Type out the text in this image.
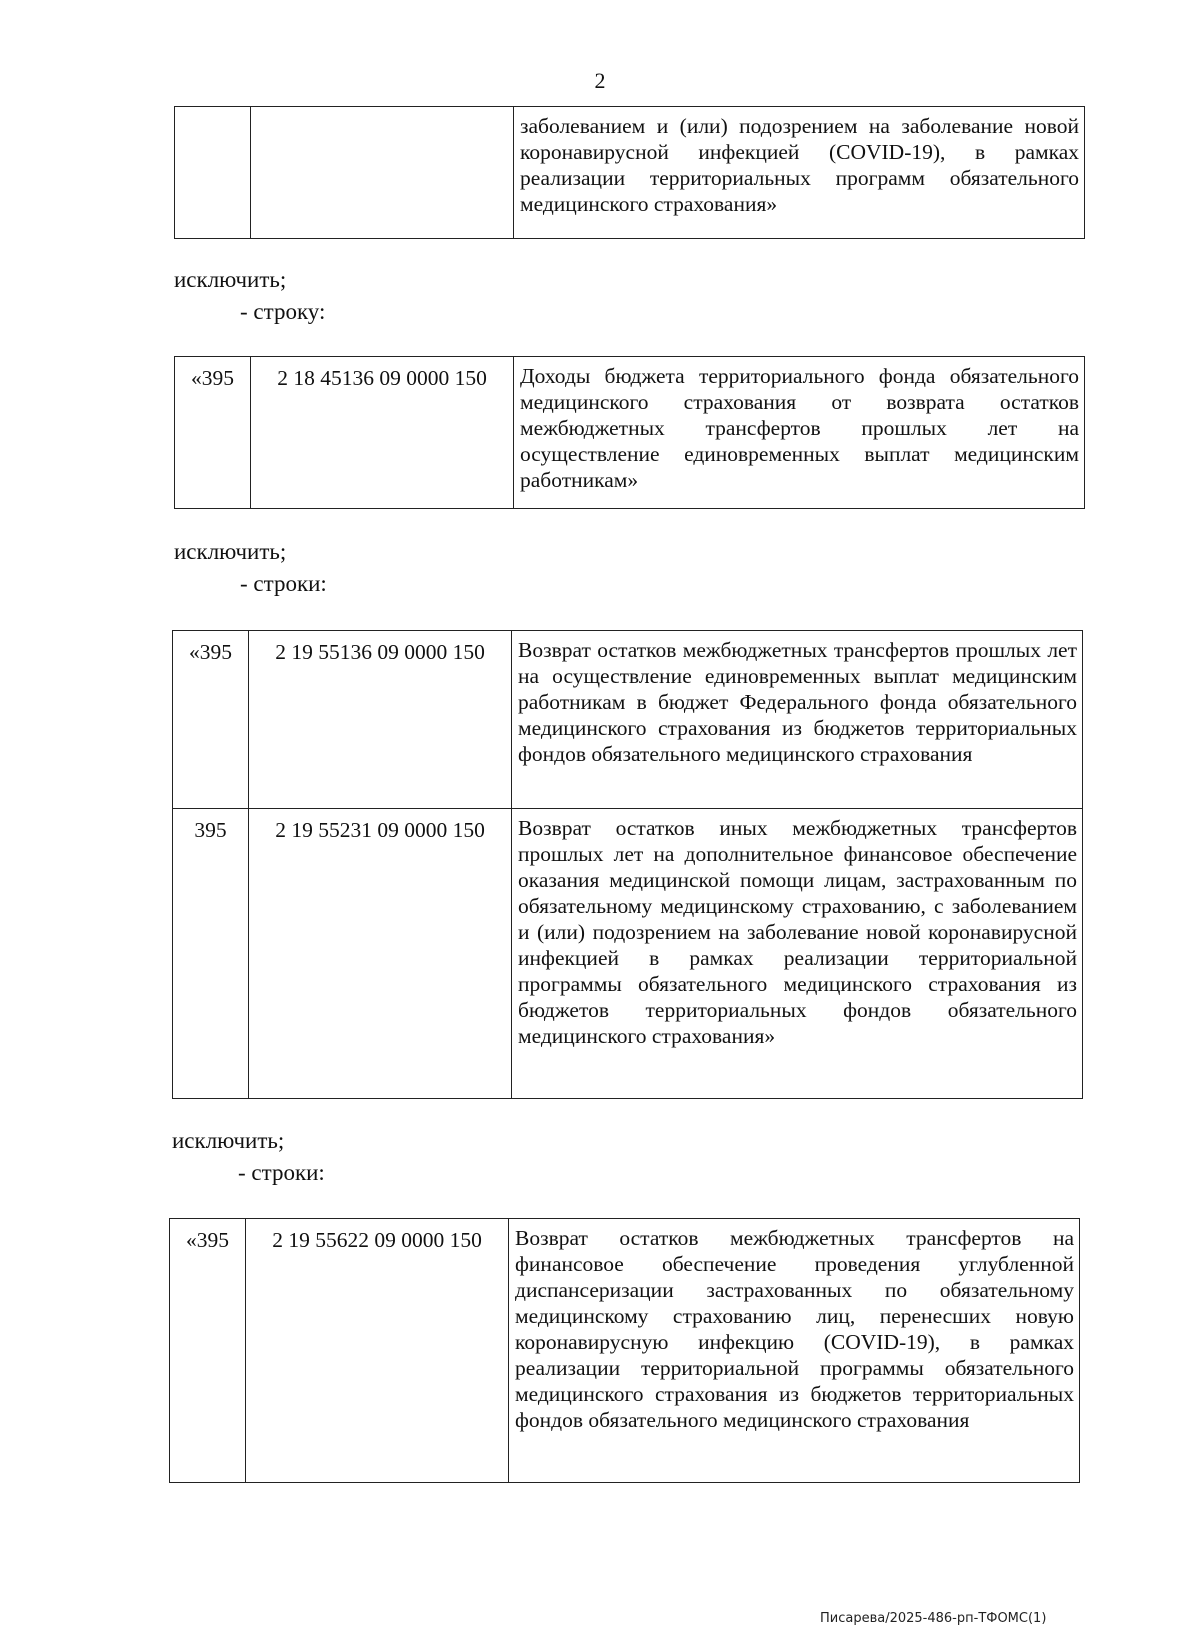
2
		заболеванием и (или) подозрением на заболевание новой коронавирусной инфекцией (COVID-19), в рамках реализации территориальных программ обязательного медицинского страхования»
исключить;
- строку:
«395	2 18 45136 09 0000 150	Доходы бюджета территориального фонда обязательного медицинского страхования от возврата остатков межбюджетных трансфертов прошлых лет на осуществление единовременных выплат медицинским работникам»
исключить;
- строки:
«395	2 19 55136 09 0000 150	Возврат остатков межбюджетных трансфертов прошлых лет на осуществление единовременных выплат медицинским работникам в бюджет Федерального фонда обязательного медицинского страхования из бюджетов территориальных фондов обязательного медицинского страхования
395	2 19 55231 09 0000 150	Возврат остатков иных межбюджетных трансфертов прошлых лет на дополнительное финансовое обеспечение оказания медицинской помощи лицам, застрахованным по обязательному медицинскому страхованию, с заболеванием и (или) подозрением на заболевание новой коронавирусной инфекцией в рамках реализации территориальной программы обязательного медицинского страхования из бюджетов территориальных фондов обязательного медицинского страхования»
исключить;
- строки:
«395	2 19 55622 09 0000 150	Возврат остатков межбюджетных трансфертов на финансовое обеспечение проведения углубленной диспансеризации застрахованных по обязательному медицинскому страхованию лиц, перенесших новую коронавирусную инфекцию (COVID-19), в рамках реализации территориальной программы обязательного медицинского страхования из бюджетов территориальных фондов обязательного медицинского страхования
Писарева/2025-486-рп-ТФОМС(1)
